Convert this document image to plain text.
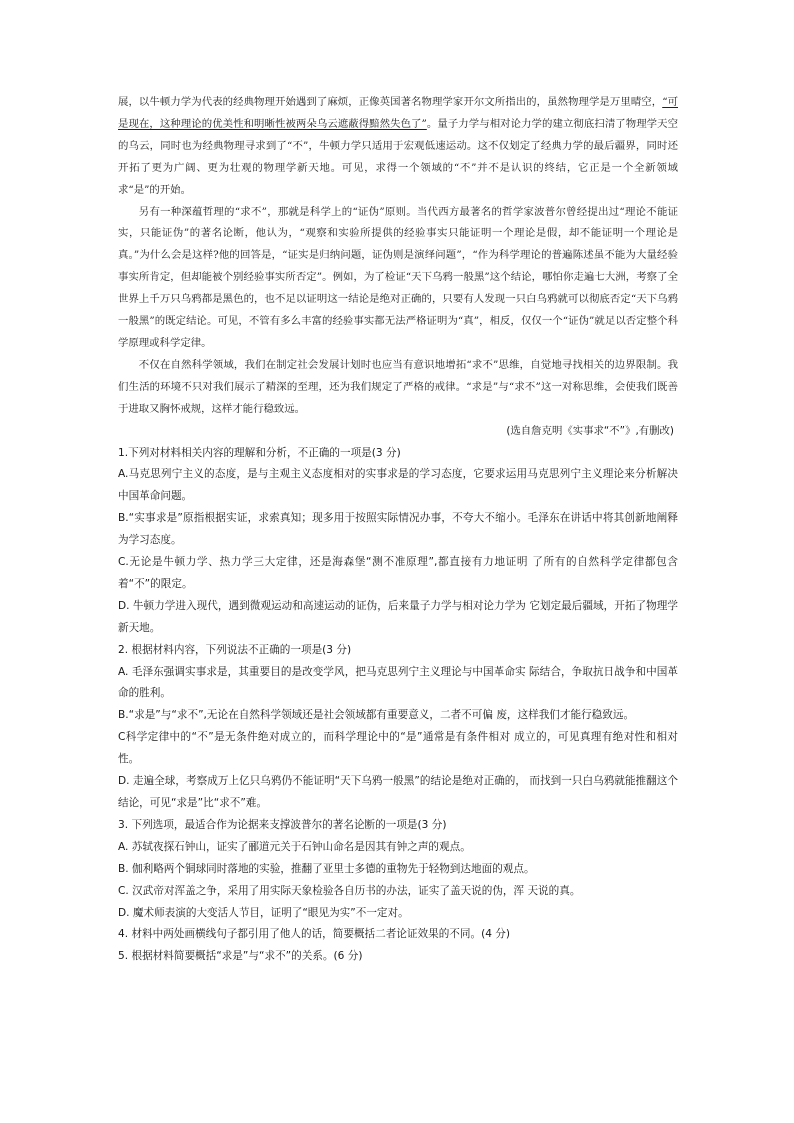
展，以牛顿力学为代表的经典物理开始遇到了麻烦，正像英国著名物理学家开尔文所指出的，虽然物理学是万里晴空，“可是现在，这种理论的优美性和明晰性被两朵乌云遮蔽得黯然失色了”。量子力学与相对论力学的建立彻底扫清了物理学天空的乌云，同时也为经典物理寻求到了“不”，牛顿力学只适用于宏观低速运动。这不仅划定了经典力学的最后疆界，同时还开拓了更为广阔、更为壮观的物理学新天地。可见，求得一个领域的“不”并不是认识的终结，它正是一个全新领域求“是”的开始。

另有一种深蕴哲理的“求不”，那就是科学上的“证伪”原则。当代西方最著名的哲学家波普尔曾经提出过“理论不能证实，只能证伪”的著名论断，他认为，“观察和实验所提供的经验事实只能证明一个理论是假，却不能证明一个理论是真。”为什么会是这样?他的回答是，“证实是归纳问题，证伪则是演绎问题”，“作为科学理论的普遍陈述虽不能为大量经验事实所肯定，但却能被个别经验事实所否定”。例如，为了检证“天下乌鸦一般黑”这个结论，哪怕你走遍七大洲，考察了全世界上千万只乌鸦都是黑色的，也不足以证明这一结论是绝对正确的，只要有人发现一只白乌鸦就可以彻底否定“天下乌鸦一般黑”的既定结论。可见，不管有多么丰富的经验事实都无法严格证明为“真”，相反，仅仅一个“证伪”就足以否定整个科学原理或科学定律。

不仅在自然科学领域，我们在制定社会发展计划时也应当有意识地增拓“求不”思维，自觉地寻找相关的边界限制。我们生活的环境不只对我们展示了精深的至理，还为我们规定了严格的戒律。“求是”与“求不”这一对称思维，会使我们既善于进取又胸怀戒规，这样才能行稳致远。

(选自詹克明《实事求“不”》,有删改)

1.下列对材料相关内容的理解和分析，不正确的一项是(3 分)

A.马克思列宁主义的态度，是与主观主义态度相对的实事求是的学习态度，它要求运用马克思列宁主义理论来分析解决中国革命问题。

B.“实事求是”原指根据实证，求索真知；现多用于按照实际情况办事，不夸大不缩小。毛泽东在讲话中将其创新地阐释为学习态度。

C.无论是牛顿力学、热力学三大定律，还是海森堡“测不准原理”,都直接有力地证明 了所有的自然科学定律都包含着“不”的限定。

D. 牛顿力学进入现代，遇到微观运动和高速运动的证伪，后来量子力学与相对论力学为 它划定最后疆域，开拓了物理学新天地。

2. 根据材料内容，下列说法不正确的一项是(3 分)

A. 毛泽东强调实事求是，其重要目的是改变学风，把马克思列宁主义理论与中国革命实 际结合，争取抗日战争和中国革命的胜利。

B.“求是”与“求不”,无论在自然科学领域还是社会领域都有重要意义，二者不可偏 废，这样我们才能行稳致远。

C科学定律中的“不”是无条件绝对成立的，而科学理论中的“是”通常是有条件相对 成立的，可见真理有绝对性和相对性。

D. 走遍全球，考察成万上亿只乌鸦仍不能证明“天下乌鸦一般黑”的结论是绝对正确的， 而找到一只白乌鸦就能推翻这个结论，可见“求是”比“求不”难。

3. 下列选项，最适合作为论据来支撑波普尔的著名论断的一项是(3 分)

A. 苏轼夜探石钟山，证实了郦道元关于石钟山命名是因其有钟之声的观点。

B. 伽利略两个铜球同时落地的实验，推翻了亚里士多德的重物先于轻物到达地面的观点。

C. 汉武帝对浑盖之争，采用了用实际天象检验各自历书的办法，证实了盖天说的伪，浑 天说的真。

D. 魔术师表演的大变活人节目，证明了“眼见为实”不一定对。

4. 材料中两处画横线句子都引用了他人的话，简要概括二者论证效果的不同。(4 分)

5. 根据材料简要概括“求是”与“求不”的关系。(6 分)
